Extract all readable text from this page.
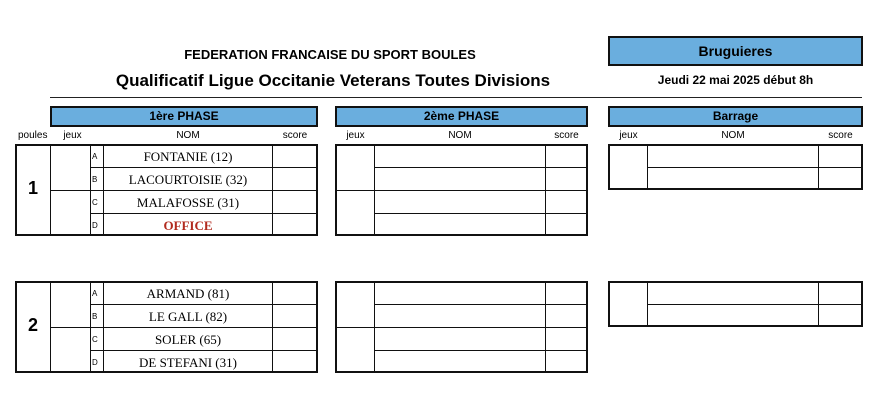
FEDERATION FRANCAISE DU SPORT BOULES
Qualificatif Ligue Occitanie Veterans Toutes Divisions
Bruguieres
Jeudi 22 mai 2025 début 8h
1ère PHASE	2ème PHASE	Barrage
poules	jeux	NOM	score	jeux	NOM	score	jeux	NOM	score
1
A	FONTANIE (12)
B	LACOURTOISIE (32)
C	MALAFOSSE (31)
D	OFFICE
2
A	ARMAND (81)
B	LE GALL (82)
C	SOLER (65)
D	DE STEFANI (31)
